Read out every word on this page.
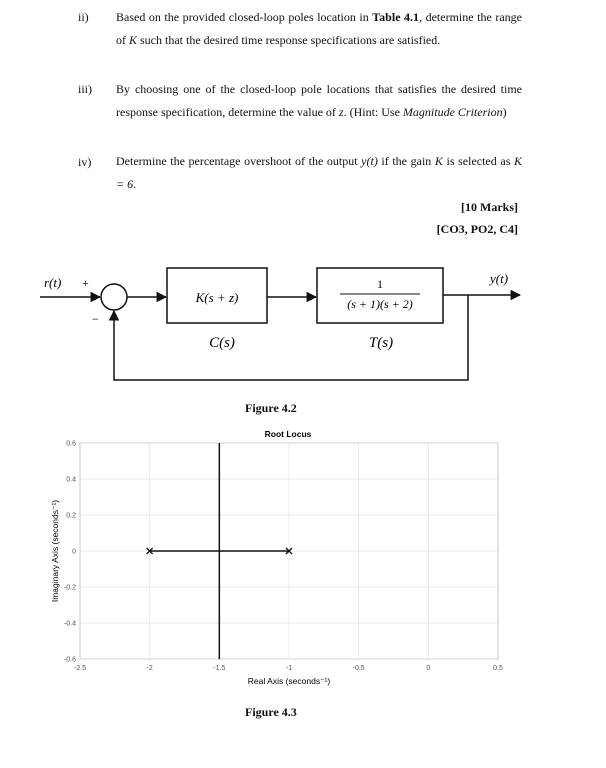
ii) Based on the provided closed-loop poles location in Table 4.1, determine the range of K such that the desired time response specifications are satisfied.
iii) By choosing one of the closed-loop pole locations that satisfies the desired time response specification, determine the value of z. (Hint: Use Magnitude Criterion)
iv) Determine the percentage overshoot of the output y(t) if the gain K is selected as K = 6.
[10 Marks]
[CO3, PO2, C4]
r(t) +
−
K(s + z)
C(s)
1
(s + 1)(s + 2)
T(s)
y(t)
Figure 4.2
Root Locus
-2.5	-2	-1.5	-1	-0.5	0	0.5
0.6
0.4
0.2
0
-0.2
-0.4
-0.6
Real Axis (seconds⁻¹)
Imaginary Axis (seconds⁻¹)
Figure 4.3
